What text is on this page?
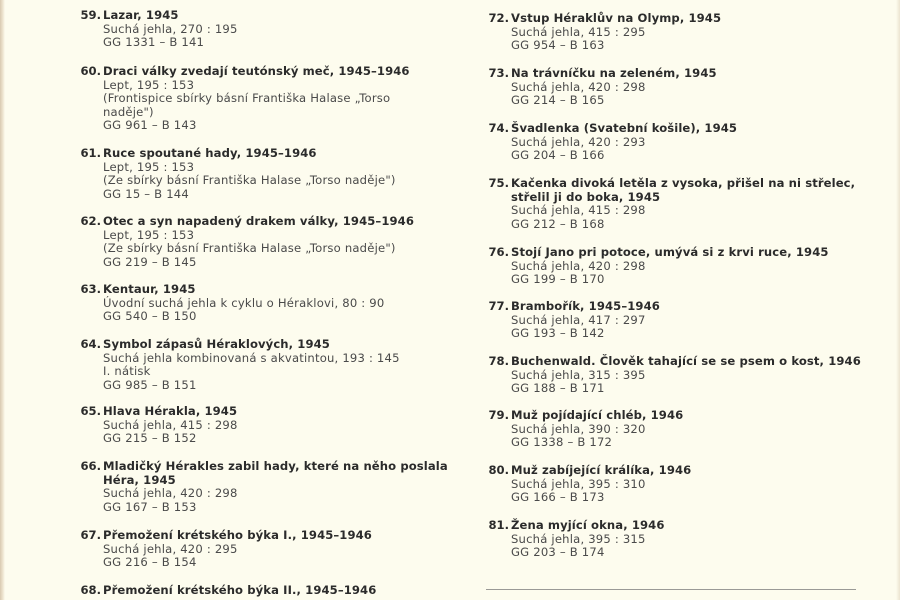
59. Lazar, 1945
Suchá jehla, 270 : 195
GG 1331 – B 141
60. Draci války zvedají teutónský meč, 1945–1946
Lept, 195 : 153
(Frontispice sbírky básní Františka Halase „Torso
naděje")
GG 961 – B 143
61. Ruce spoutané hady, 1945–1946
Lept, 195 : 153
(Ze sbírky básní Františka Halase „Torso naděje")
GG 15 – B 144
62. Otec a syn napadený drakem války, 1945–1946
Lept, 195 : 153
(Ze sbírky básní Františka Halase „Torso naděje")
GG 219 – B 145
63. Kentaur, 1945
Úvodní suchá jehla k cyklu o Héraklovi, 80 : 90
GG 540 – B 150
64. Symbol zápasů Héraklových, 1945
Suchá jehla kombinovaná s akvatintou, 193 : 145
I. nátisk
GG 985 – B 151
65. Hlava Hérakla, 1945
Suchá jehla, 415 : 298
GG 215 – B 152
66. Mladičký Hérakles zabil hady, které na něho poslala
Héra, 1945
Suchá jehla, 420 : 298
GG 167 – B 153
67. Přemožení krétského býka I., 1945–1946
Suchá jehla, 420 : 295
GG 216 – B 154
68. Přemožení krétského býka II., 1945–1946
72. Vstup Héraklův na Olymp, 1945
Suchá jehla, 415 : 295
GG 954 – B 163
73. Na trávníčku na zeleném, 1945
Suchá jehla, 420 : 298
GG 214 – B 165
74. Švadlenka (Svatební košile), 1945
Suchá jehla, 420 : 293
GG 204 – B 166
75. Kačenka divoká letěla z vysoka, přišel na ni střelec,
střelil ji do boka, 1945
Suchá jehla, 415 : 298
GG 212 – B 168
76. Stojí Jano pri potoce, umývá si z krvi ruce, 1945
Suchá jehla, 420 : 298
GG 199 – B 170
77. Brambořík, 1945–1946
Suchá jehla, 417 : 297
GG 193 – B 142
78. Buchenwald. Člověk tahající se se psem o kost, 1946
Suchá jehla, 315 : 395
GG 188 – B 171
79. Muž pojídající chléb, 1946
Suchá jehla, 390 : 320
GG 1338 – B 172
80. Muž zabíjející králíka, 1946
Suchá jehla, 395 : 310
GG 166 – B 173
81. Žena myjící okna, 1946
Suchá jehla, 395 : 315
GG 203 – B 174
